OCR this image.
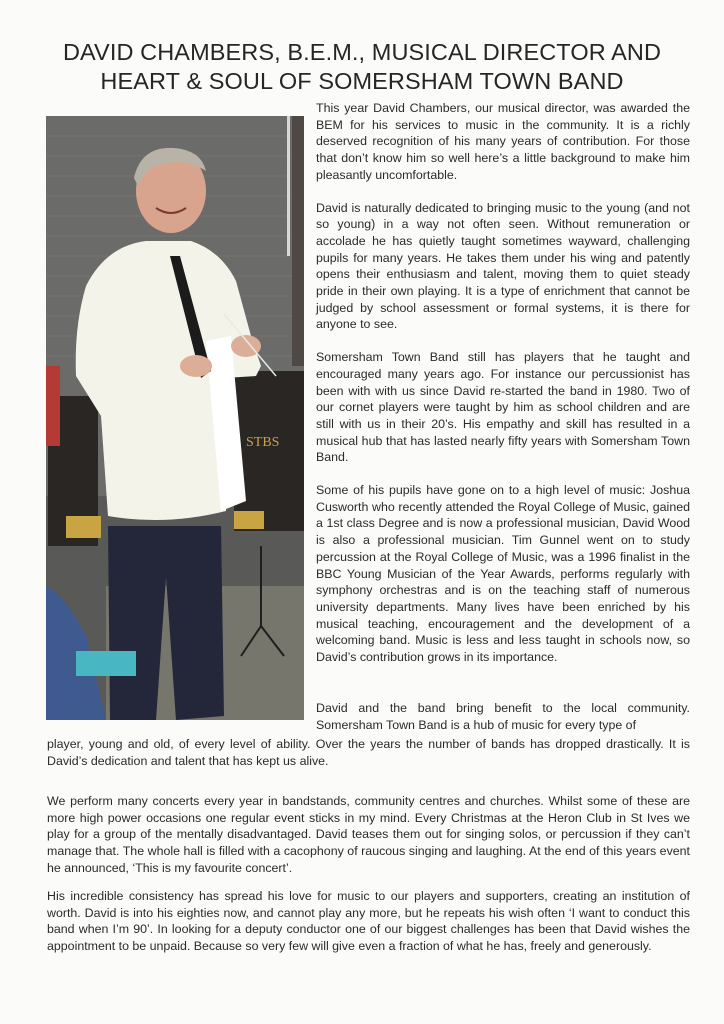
DAVID CHAMBERS, B.E.M., MUSICAL DIRECTOR AND
HEART & SOUL OF SOMERSHAM TOWN BAND
STBS

This year David Chambers, our musical director, was awarded the BEM for his services to music in the community. It is a richly deserved recognition of his many years of contribution. For those that don’t know him so well here’s a little background to make him pleasantly uncomfortable.

David is naturally dedicated to bringing music to the young (and not so young) in a way not often seen. Without remuneration or accolade he has quietly taught sometimes wayward, challenging pupils for many years. He takes them under his wing and patently opens their enthusiasm and talent, moving them to quiet steady pride in their own playing. It is a type of enrichment that cannot be judged by school assessment or formal systems, it is there for anyone to see.

Somersham Town Band still has players that he taught and encouraged many years ago. For instance our percussionist has been with with us since David re-started the band in 1980. Two of our cornet players were taught by him as school children and are still with us in their 20’s. His empathy and skill has resulted in a musical hub that has lasted nearly fifty years with Somersham Town Band.

Some of his pupils have gone on to a high level of music: Joshua Cusworth who recently attended the Royal College of Music, gained a 1st class Degree and is now a professional musician, David Wood is also a professional musician. Tim Gunnel went on to study percussion at the Royal College of Music, was a 1996 finalist in the BBC Young Musician of the Year Awards, performs regularly with symphony orchestras and is on the teaching staff of numerous university departments. Many lives have been enriched by his musical teaching, encouragement and the development of a welcoming band. Music is less and less taught in schools now, so David’s contribution grows in its importance.

David and the band bring benefit to the local community. Somersham Town Band is a hub of music for every type of

player, young and old, of every level of ability. Over the years the number of bands has dropped drastically. It is David’s dedication and talent that has kept us alive.

We perform many concerts every year in bandstands, community centres and churches. Whilst some of these are more high power occasions one regular event sticks in my mind. Every Christmas at the Heron Club in St Ives we play for a group of the mentally disadvantaged. David teases them out for singing solos, or percussion if they can’t manage that. The whole hall is filled with a cacophony of raucous singing and laughing. At the end of this years event he announced, ‘This is my favourite concert’.

His incredible consistency has spread his love for music to our players and supporters, creating an institution of worth. David is into his eighties now, and cannot play any more, but he repeats his wish often ‘I want to conduct this band when I’m 90’. In looking for a deputy conductor one of our biggest challenges has been that David wishes the appointment to be unpaid. Because so very few will give even a fraction of what he has, freely and generously.
